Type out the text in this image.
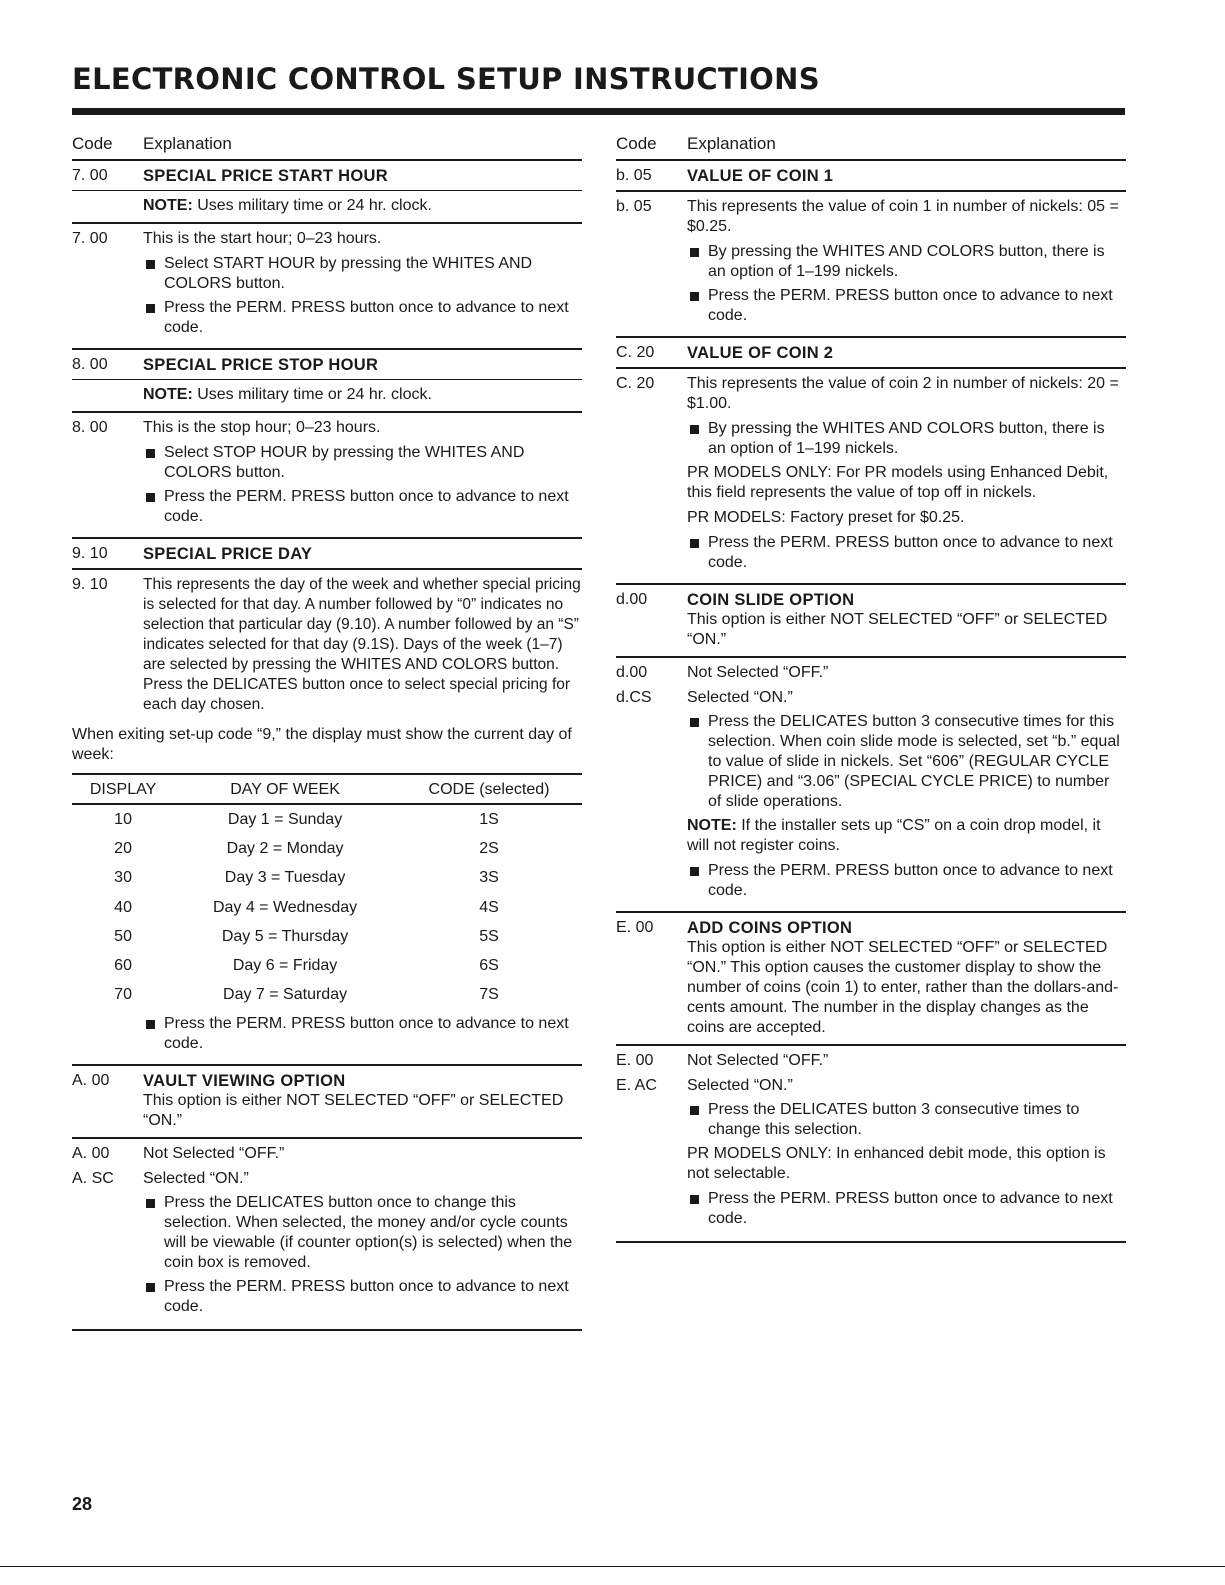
ELECTRONIC CONTROL SETUP INSTRUCTIONS
Code	Explanation
7. 00	SPECIAL PRICE START HOUR
NOTE: Uses military time or 24 hr. clock.
7. 00	This is the start hour; 0–23 hours.

Select START HOUR by pressing the WHITES AND COLORS button.
Press the PERM. PRESS button once to advance to next code.
8. 00	SPECIAL PRICE STOP HOUR
NOTE: Uses military time or 24 hr. clock.
8. 00	This is the stop hour; 0–23 hours.

Select STOP HOUR by pressing the WHITES AND COLORS button.
Press the PERM. PRESS button once to advance to next code.
9. 10	SPECIAL PRICE DAY
9. 10	This represents the day of the week and whether special pricing is selected for that day. A number followed by “0” indicates no selection that particular day (9.10). A number followed by an “S” indicates selected for that day (9.1S). Days of the week (1–7) are selected by pressing the WHITES AND COLORS button. Press the DELICATES button once to select special pricing for each day chosen.
When exiting set-up code “9,” the display must show the current day of week:
DISPLAY	DAY OF WEEK	CODE (selected)
10	Day 1 = Sunday	1S
20	Day 2 = Monday	2S
30	Day 3 = Tuesday	3S
40	Day 4 = Wednesday	4S
50	Day 5 = Thursday	5S
60	Day 6 = Friday	6S
70	Day 7 = Saturday	7S
Press the PERM. PRESS button once to advance to next code.
A. 00	VAULT VIEWING OPTION
This option is either NOT SELECTED “OFF” or SELECTED “ON.”
A. 00	Not Selected “OFF.”
A. SC	Selected “ON.”
Press the DELICATES button once to change this selection. When selected, the money and/or cycle counts will be viewable (if counter option(s) is selected) when the coin box is removed.
Press the PERM. PRESS button once to advance to next code.
Code	Explanation
b. 05	VALUE OF COIN 1
b. 05	This represents the value of coin 1 in number of nickels: 05 = $0.25.

By pressing the WHITES AND COLORS button, there is an option of 1–199 nickels.
Press the PERM. PRESS button once to advance to next code.
C. 20	VALUE OF COIN 2
C. 20	This represents the value of coin 2 in number of nickels: 20 = $1.00.

By pressing the WHITES AND COLORS button, there is an option of 1–199 nickels.

PR MODELS ONLY: For PR models using Enhanced Debit, this field represents the value of top off in nickels.

PR MODELS: Factory preset for $0.25.

Press the PERM. PRESS button once to advance to next code.
d.00	COIN SLIDE OPTION
This option is either NOT SELECTED “OFF” or SELECTED “ON.”
d.00	Not Selected “OFF.”
d.CS	Selected “ON.”
Press the DELICATES button 3 consecutive times for this selection. When coin slide mode is selected, set “b.” equal to value of slide in nickels. Set “606” (REGULAR CYCLE PRICE) and “3.06” (SPECIAL CYCLE PRICE) to number of slide operations.

NOTE: If the installer sets up “CS” on a coin drop model, it will not register coins.

Press the PERM. PRESS button once to advance to next code.
E. 00	ADD COINS OPTION
This option is either NOT SELECTED “OFF” or SELECTED “ON.” This option causes the customer display to show the number of coins (coin 1) to enter, rather than the dollars-and-cents amount. The number in the display changes as the coins are accepted.
E. 00	Not Selected “OFF.”
E. AC	Selected “ON.”
Press the DELICATES button 3 consecutive times to change this selection.

PR MODELS ONLY: In enhanced debit mode, this option is not selectable.

Press the PERM. PRESS button once to advance to next code.
28
